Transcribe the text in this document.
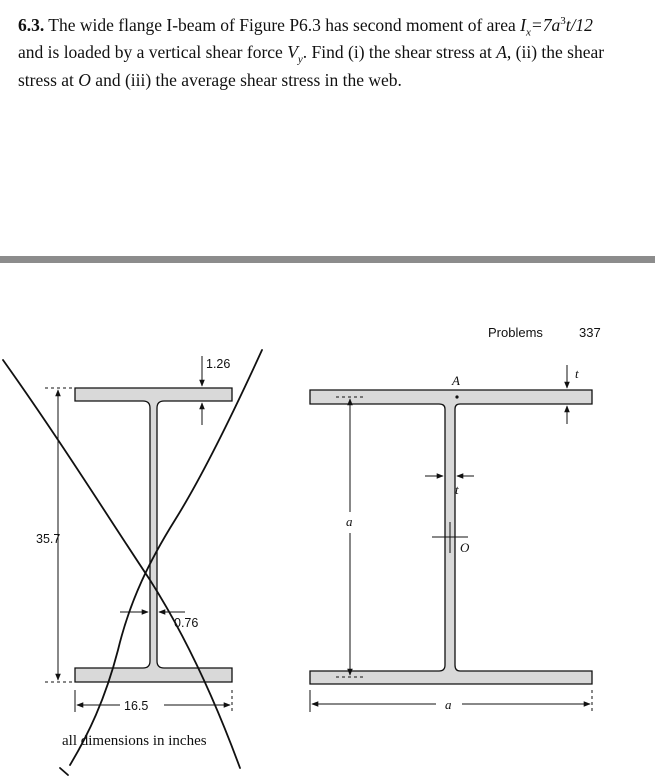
6.3. The wide flange I-beam of Figure P6.3 has second moment of area $I_x=7a^3t/12$
and is loaded by a vertical shear force $V_y$. Find (i) the shear stress at A, (ii) the shear
stress at O and (iii) the average shear stress in the web.
Problems	337
35.7
1.26
0.76
16.5
all dimensions in inches
a
a
A
O
t
t
